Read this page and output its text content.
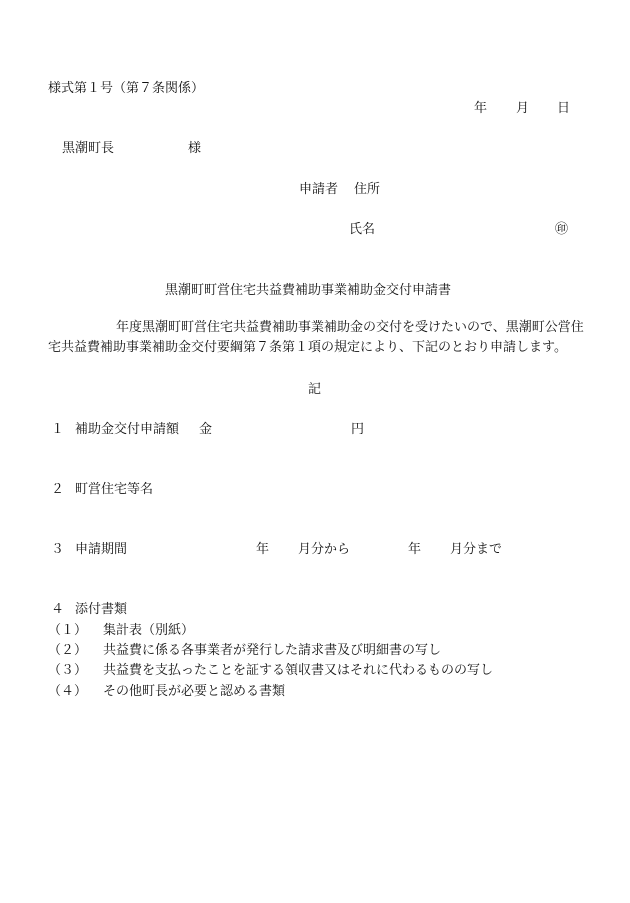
様式第１号（第７条関係）
年 月 日
黒潮町長	様
申請者 住所
氏名	㊞
黒潮町町営住宅共益費補助事業補助金交付申請書
年度黒潮町町営住宅共益費補助事業補助金の交付を受けたいので、黒潮町公営住宅共益費補助事業補助金交付要綱第７条第１項の規定により、下記のとおり申請します。
記
１ 補助金交付申請額 金	円
２ 町営住宅等名
３ 申請期間	年 月分から	年 月分まで
４ 添付書類
（１） 集計表（別紙）
（２） 共益費に係る各事業者が発行した請求書及び明細書の写し
（３） 共益費を支払ったことを証する領収書又はそれに代わるものの写し
（４） その他町長が必要と認める書類
